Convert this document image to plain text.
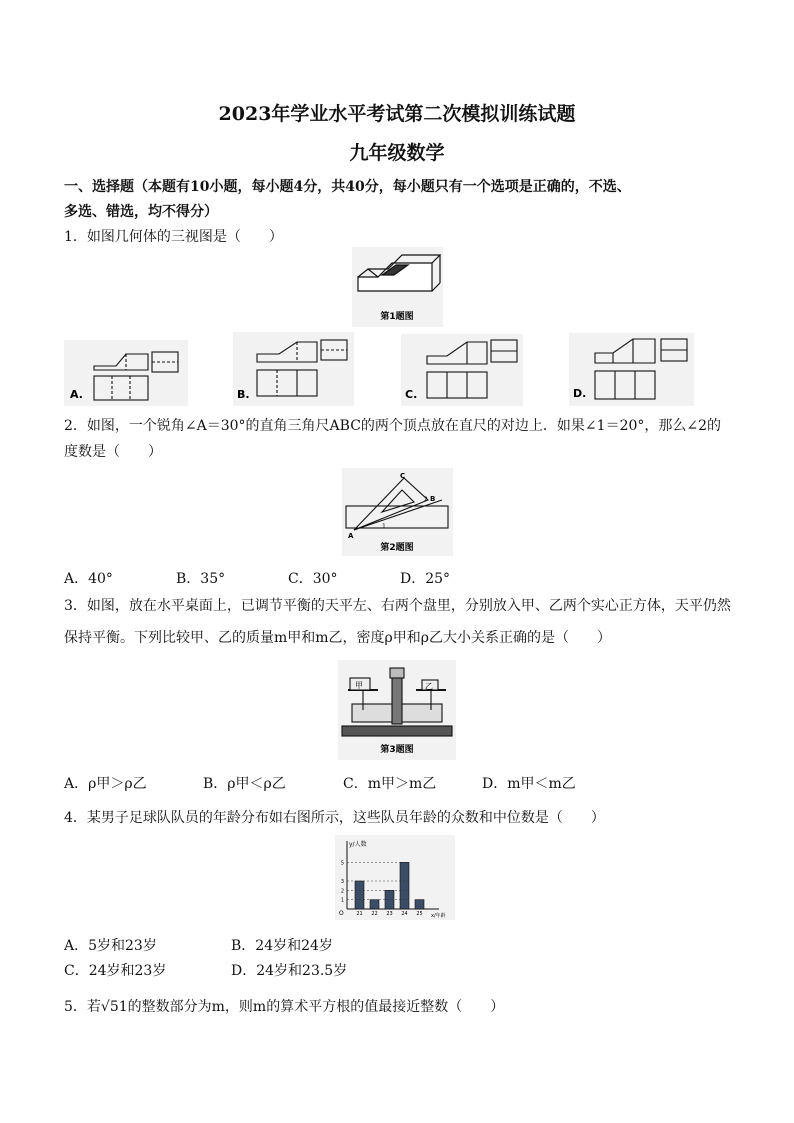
2023年学业水平考试第二次模拟训练试题
九年级数学
一、选择题（本题有10小题，每小题4分，共40分，每小题只有一个选项是正确的，不选、
多选、错选，均不得分）
1．如图几何体的三视图是（　　）
第1题图
A.	B.	C.	D.
2．如图，一个锐角∠A＝30°的直角三角尺ABC的两个顶点放在直尺的对边上．如果∠1＝20°，那么∠2的
度数是（　　）
C
B
A
2
1
第2题图
A．40°	B．35°	C．30°	D．25°
3．如图，放在水平桌面上，已调节平衡的天平左、右两个盘里，分别放入甲、乙两个实心正方体，天平仍然
保持平衡。下列比较甲、乙的质量m甲和m乙，密度ρ甲和ρ乙大小关系正确的是（　　）
甲	乙
第3题图
A．ρ甲＞ρ乙	B．ρ甲＜ρ乙	C．m甲＞m乙	D．m甲＜m乙
4．某男子足球队队员的年龄分布如右图所示，这些队员年龄的众数和中位数是（　　）
y/人数
x/年龄
O	21 22 23 24 25
1
2
3
5
A．5岁和23岁	B．24岁和24岁
C．24岁和23岁	D．24岁和23.5岁
5．若√51的整数部分为m，则m的算术平方根的值最接近整数（　　）
